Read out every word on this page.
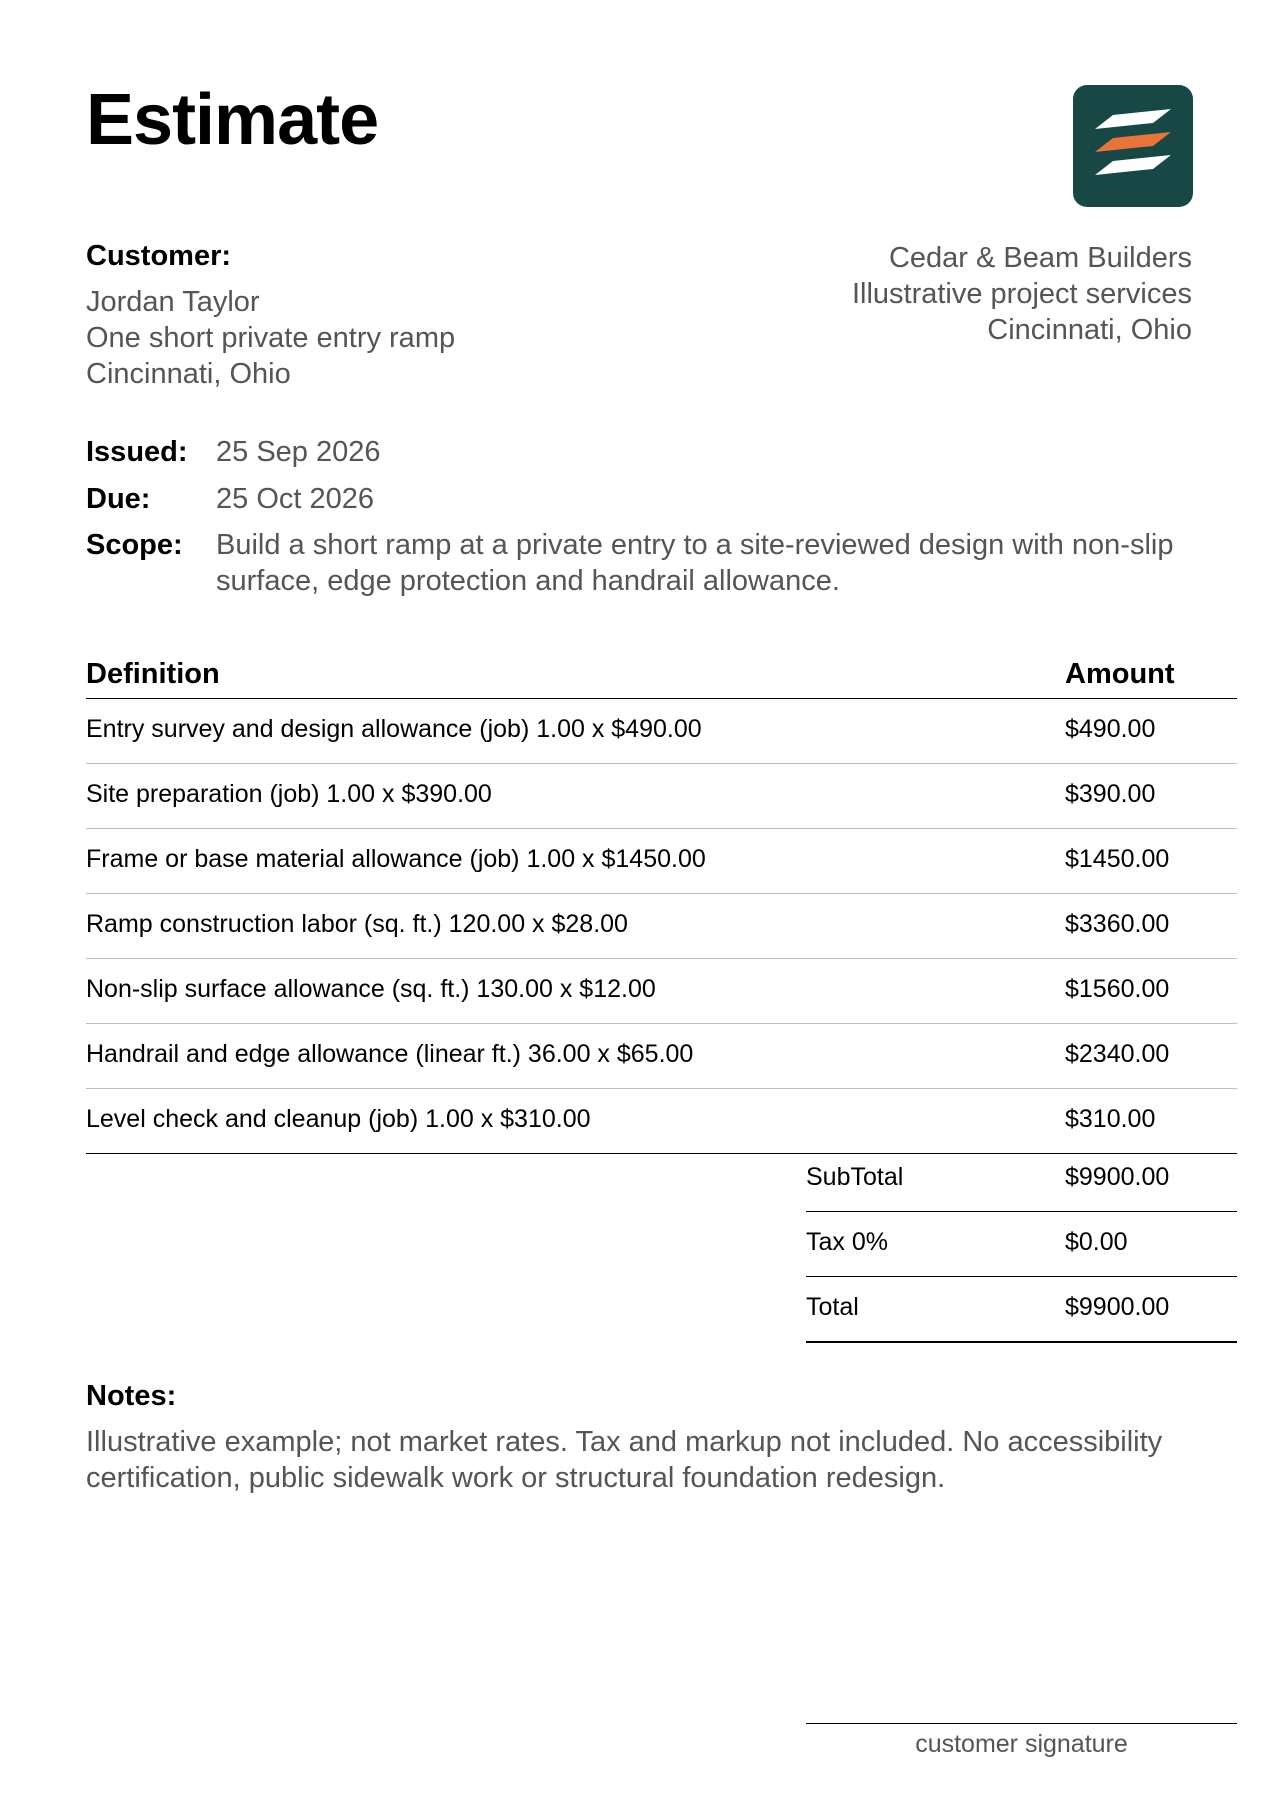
Estimate
Customer:
Jordan Taylor
One short private entry ramp
Cincinnati, Ohio
Cedar & Beam Builders
Illustrative project services
Cincinnati, Ohio
Issued: 25 Sep 2026
Due: 25 Oct 2026
Scope: Build a short ramp at a private entry to a site-reviewed design with non-slip surface, edge protection and handrail allowance.
Definition	Amount
Entry survey and design allowance (job) 1.00 x $490.00	$490.00
Site preparation (job) 1.00 x $390.00	$390.00
Frame or base material allowance (job) 1.00 x $1450.00	$1450.00
Ramp construction labor (sq. ft.) 120.00 x $28.00	$3360.00
Non-slip surface allowance (sq. ft.) 130.00 x $12.00	$1560.00
Handrail and edge allowance (linear ft.) 36.00 x $65.00	$2340.00
Level check and cleanup (job) 1.00 x $310.00	$310.00
SubTotal	$9900.00
Tax 0%	$0.00
Total	$9900.00
Notes:
Illustrative example; not market rates. Tax and markup not included. No accessibility certification, public sidewalk work or structural foundation redesign.
customer signature
